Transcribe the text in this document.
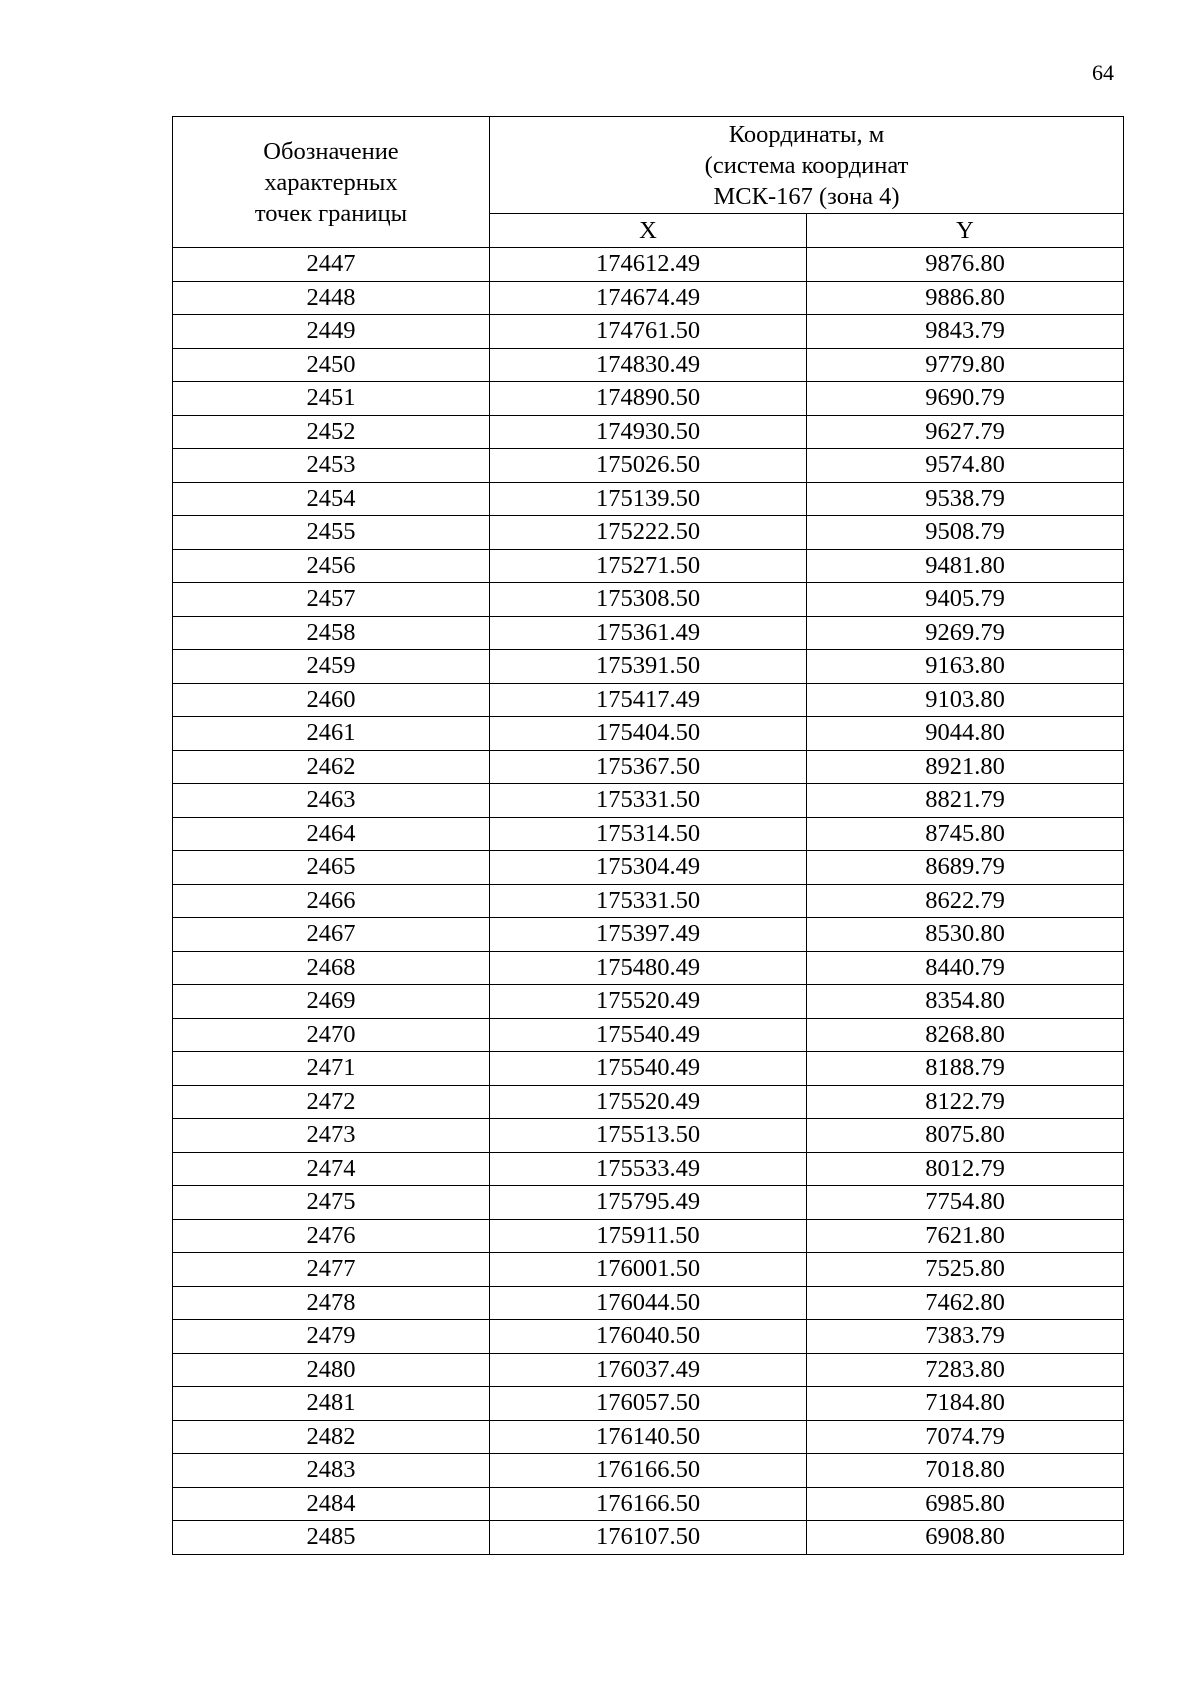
64
Обозначение
характерных
точек границы	Координаты, м
(система координат
МСК-167 (зона 4)	
	X	Y
2447	174612.49	9876.80
2448	174674.49	9886.80
2449	174761.50	9843.79
2450	174830.49	9779.80
2451	174890.50	9690.79
2452	174930.50	9627.79
2453	175026.50	9574.80
2454	175139.50	9538.79
2455	175222.50	9508.79
2456	175271.50	9481.80
2457	175308.50	9405.79
2458	175361.49	9269.79
2459	175391.50	9163.80
2460	175417.49	9103.80
2461	175404.50	9044.80
2462	175367.50	8921.80
2463	175331.50	8821.79
2464	175314.50	8745.80
2465	175304.49	8689.79
2466	175331.50	8622.79
2467	175397.49	8530.80
2468	175480.49	8440.79
2469	175520.49	8354.80
2470	175540.49	8268.80
2471	175540.49	8188.79
2472	175520.49	8122.79
2473	175513.50	8075.80
2474	175533.49	8012.79
2475	175795.49	7754.80
2476	175911.50	7621.80
2477	176001.50	7525.80
2478	176044.50	7462.80
2479	176040.50	7383.79
2480	176037.49	7283.80
2481	176057.50	7184.80
2482	176140.50	7074.79
2483	176166.50	7018.80
2484	176166.50	6985.80
2485	176107.50	6908.80
